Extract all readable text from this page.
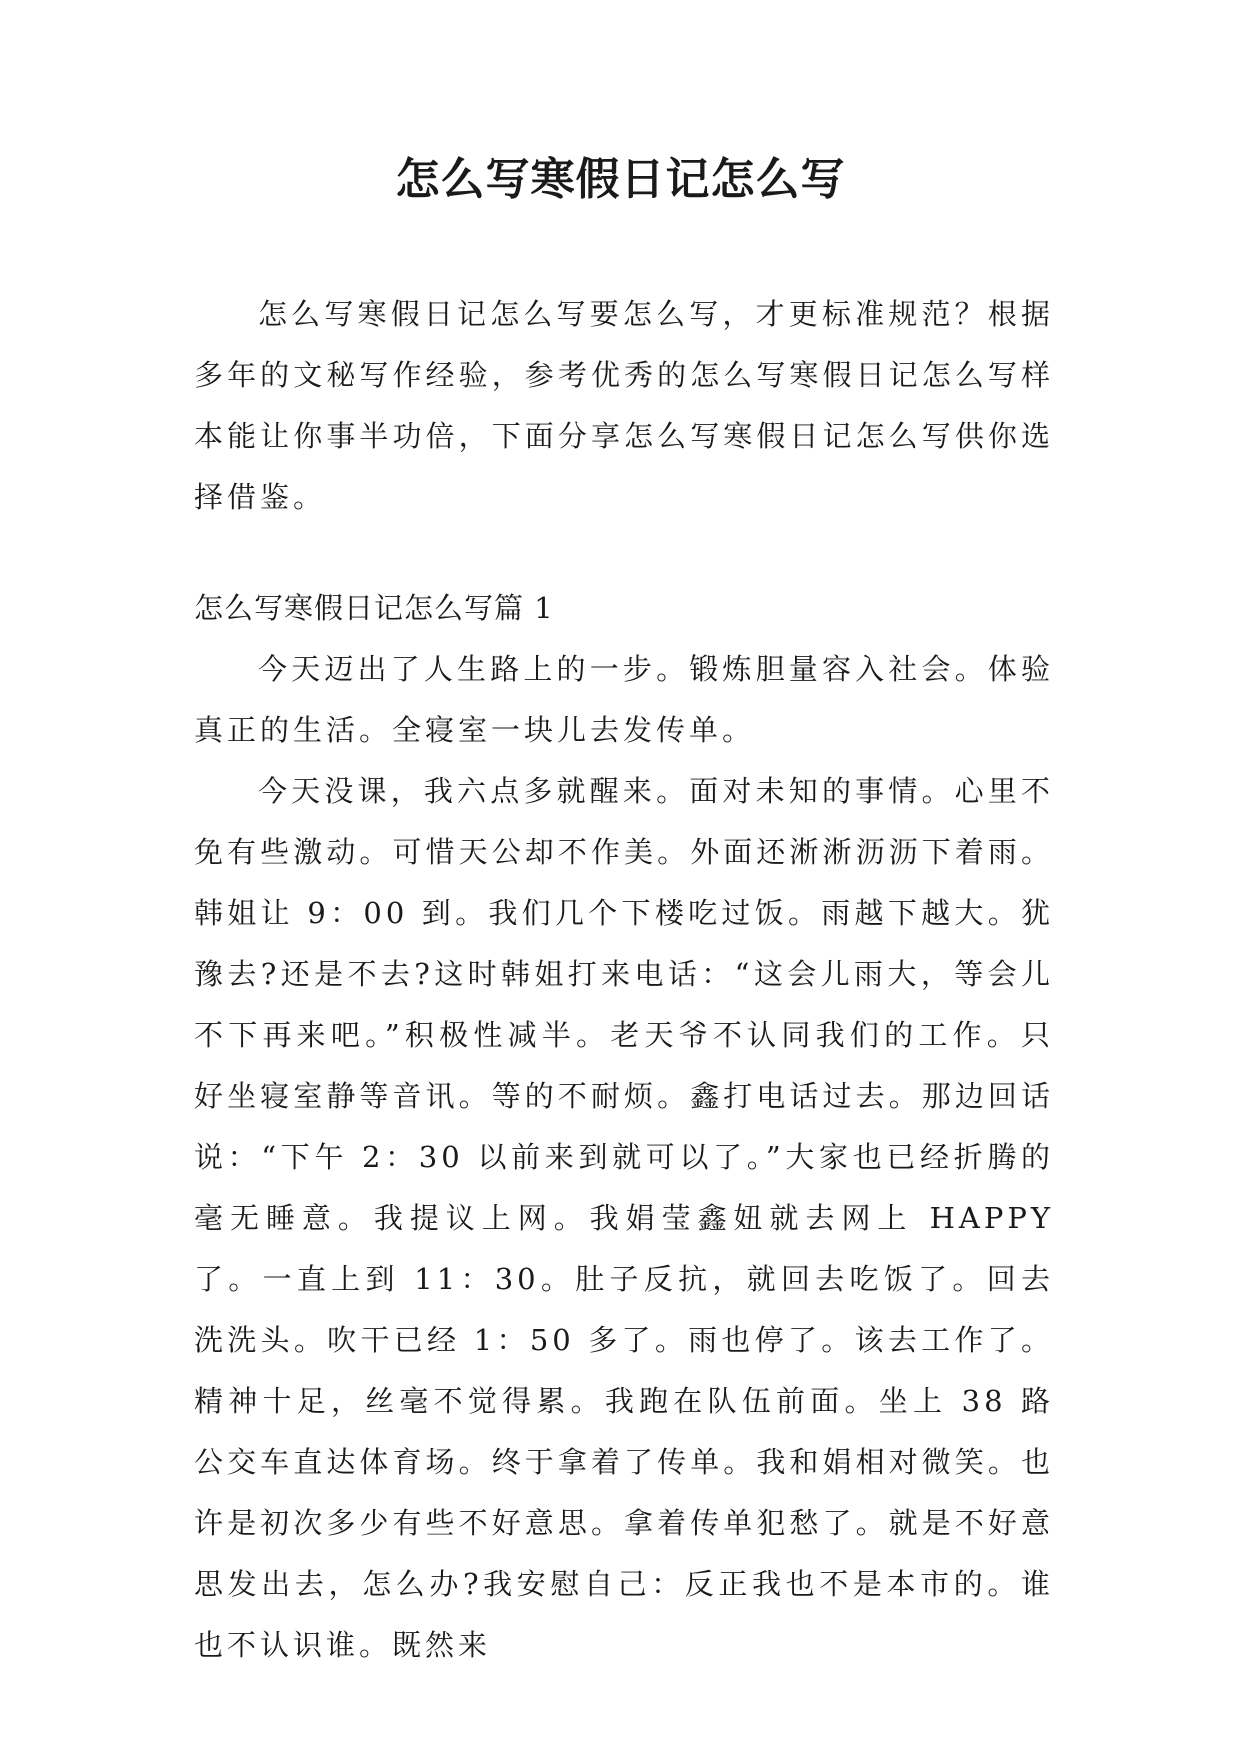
怎么写寒假日记怎么写

怎么写寒假日记怎么写要怎么写，才更标准规范？根据多年的文秘写作经验，参考优秀的怎么写寒假日记怎么写样本能让你事半功倍，下面分享怎么写寒假日记怎么写供你选择借鉴。

怎么写寒假日记怎么写篇 1

今天迈出了人生路上的一步。锻炼胆量容入社会。体验真正的生活。全寝室一块儿去发传单。

今天没课，我六点多就醒来。面对未知的事情。心里不免有些激动。可惜天公却不作美。外面还淅淅沥沥下着雨。韩姐让 9：00 到。我们几个下楼吃过饭。雨越下越大。犹豫去?还是不去?这时韩姐打来电话：“这会儿雨大，等会儿不下再来吧。”积极性减半。老天爷不认同我们的工作。只好坐寝室静等音讯。等的不耐烦。鑫打电话过去。那边回话说：“下午 2：30 以前来到就可以了。”大家也已经折腾的毫无睡意。我提议上网。我娟莹鑫妞就去网上 HAPPY 了。一直上到 11：30。肚子反抗，就回去吃饭了。回去洗洗头。吹干已经 1：50 多了。雨也停了。该去工作了。精神十足，丝毫不觉得累。我跑在队伍前面。坐上 38 路公交车直达体育场。终于拿着了传单。我和娟相对微笑。也许是初次多少有些不好意思。拿着传单犯愁了。就是不好意思发出去，怎么办?我安慰自己：反正我也不是本市的。谁也不认识谁。既然来
